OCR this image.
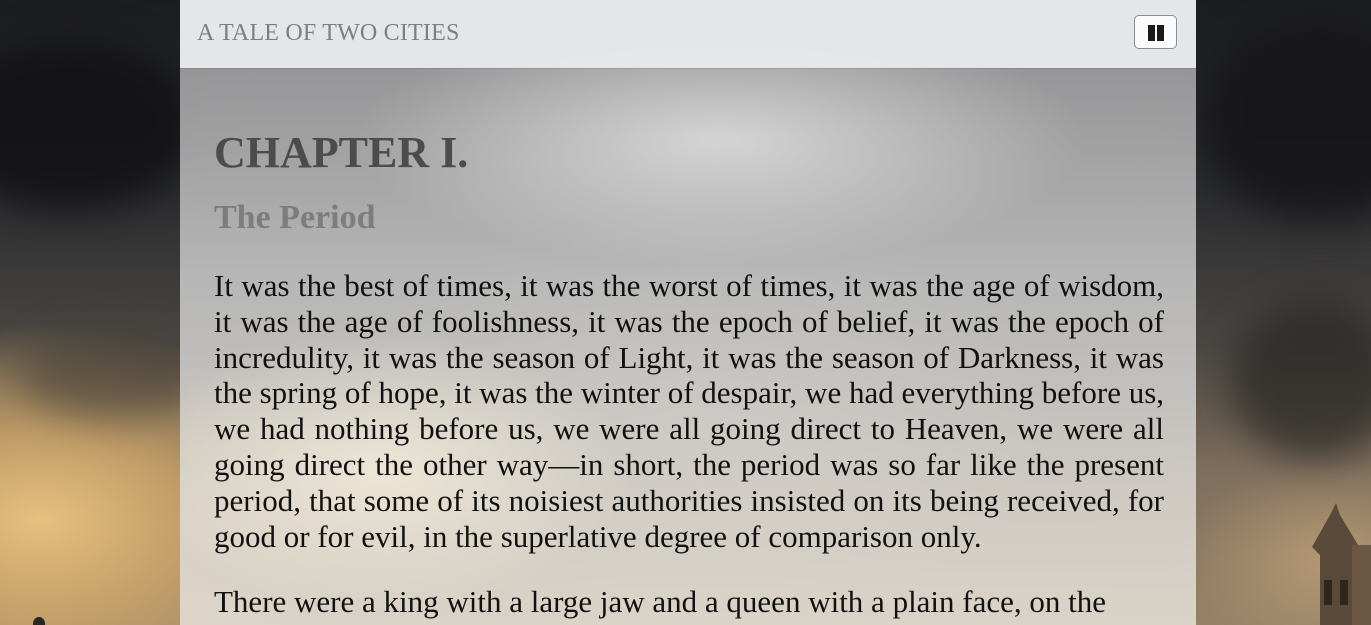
A TALE OF TWO CITIES
CHAPTER I.
The Period

It was the best of times, it was the worst of times, it was the age of wisdom, it was the age of foolishness, it was the epoch of belief, it was the epoch of incredulity, it was the season of Light, it was the season of Darkness, it was the spring of hope, it was the winter of despair, we had everything before us, we had nothing before us, we were all going direct to Heaven, we were all going direct the other way—in short, the period was so far like the present period, that some of its noisiest authorities insisted on its being received, for good or for evil, in the superlative degree of comparison only.

There were a king with a large jaw and a queen with a plain face, on the
